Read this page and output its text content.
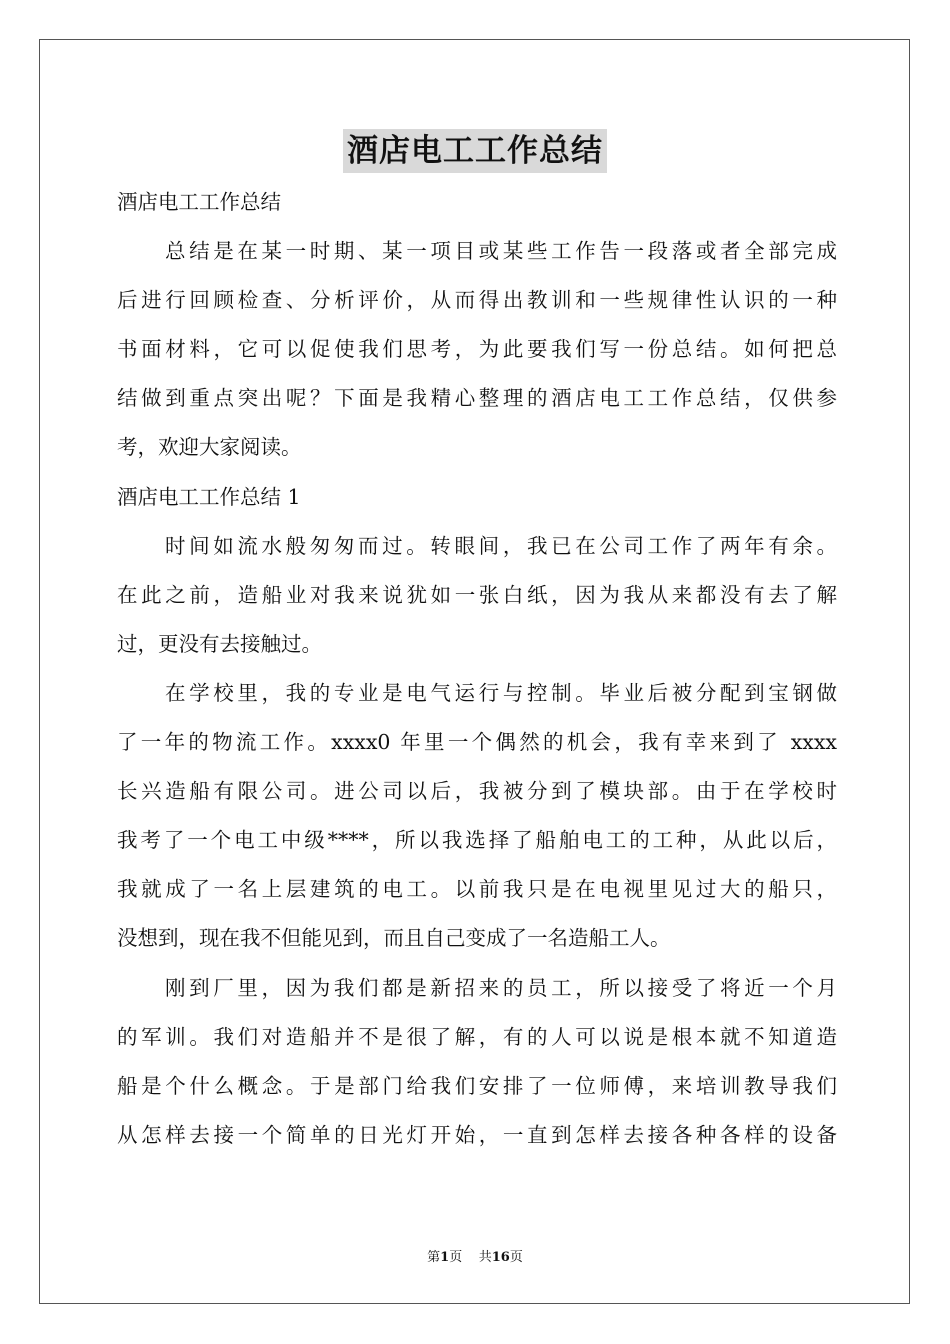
酒店电工工作总结
酒店电工工作总结
总结是在某一时期、某一项目或某些工作告一段落或者全部完成
后进行回顾检查、分析评价，从而得出教训和一些规律性认识的一种
书面材料，它可以促使我们思考，为此要我们写一份总结。如何把总
结做到重点突出呢？下面是我精心整理的酒店电工工作总结，仅供参
考，欢迎大家阅读。
酒店电工工作总结 1
时间如流水般匆匆而过。转眼间，我已在公司工作了两年有余。
在此之前，造船业对我来说犹如一张白纸，因为我从来都没有去了解
过，更没有去接触过。
在学校里，我的专业是电气运行与控制。毕业后被分配到宝钢做
了一年的物流工作。xxxx0 年里一个偶然的机会，我有幸来到了 xxxx
长兴造船有限公司。进公司以后，我被分到了模块部。由于在学校时
我考了一个电工中级****，所以我选择了船舶电工的工种，从此以后，
我就成了一名上层建筑的电工。以前我只是在电视里见过大的船只，
没想到，现在我不但能见到，而且自己变成了一名造船工人。
刚到厂里，因为我们都是新招来的员工，所以接受了将近一个月
的军训。我们对造船并不是很了解，有的人可以说是根本就不知道造
船是个什么概念。于是部门给我们安排了一位师傅，来培训教导我们
从怎样去接一个简单的日光灯开始，一直到怎样去接各种各样的设备
第1页 共16页
